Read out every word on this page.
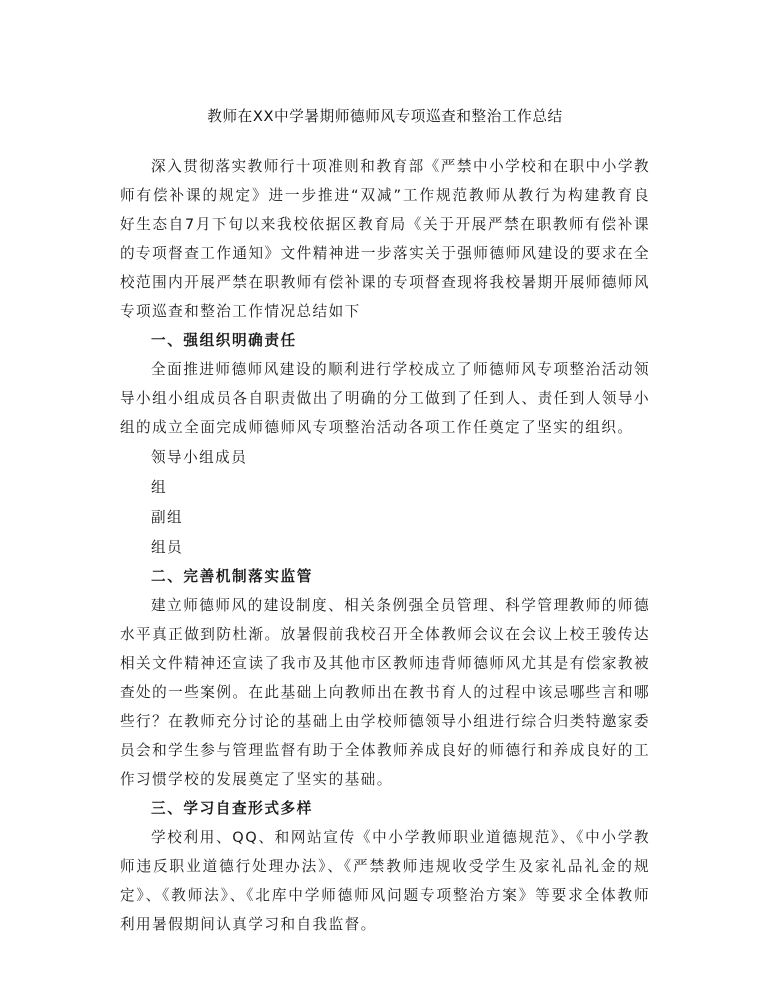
教师在XX中学暑期师德师风专项巡查和整治工作总结

深入贯彻落实教师行十项准则和教育部《严禁中小学校和在职中小学教师有偿补课的规定》进一步推进“双减”工作规范教师从教行为构建教育良好生态自7月下旬以来我校依据区教育局《关于开展严禁在职教师有偿补课的专项督查工作通知》文件精神进一步落实关于强师德师风建设的要求在全校范围内开展严禁在职教师有偿补课的专项督查现将我校暑期开展师德师风专项巡查和整治工作情况总结如下

一、强组织明确责任

全面推进师德师风建设的顺利进行学校成立了师德师风专项整治活动领导小组小组成员各自职责做出了明确的分工做到了任到人、责任到人领导小组的成立全面完成师德师风专项整治活动各项工作任奠定了坚实的组织。

领导小组成员

组

副组

组员

二、完善机制落实监管

建立师德师风的建设制度、相关条例强全员管理、科学管理教师的师德水平真正做到防杜渐。放暑假前我校召开全体教师会议在会议上校王骏传达相关文件精神还宣读了我市及其他市区教师违背师德师风尤其是有偿家教被查处的一些案例。在此基础上向教师出在教书育人的过程中该忌哪些言和哪些行？在教师充分讨论的基础上由学校师德领导小组进行综合归类特邀家委员会和学生参与管理监督有助于全体教师养成良好的师德行和养成良好的工作习惯学校的发展奠定了坚实的基础。

三、学习自查形式多样

学校利用、QQ、和网站宣传《中小学教师职业道德规范》、《中小学教师违反职业道德行处理办法》、《严禁教师违规收受学生及家礼品礼金的规定》、《教师法》、《北库中学师德师风问题专项整治方案》等要求全体教师利用暑假期间认真学习和自我监督。
